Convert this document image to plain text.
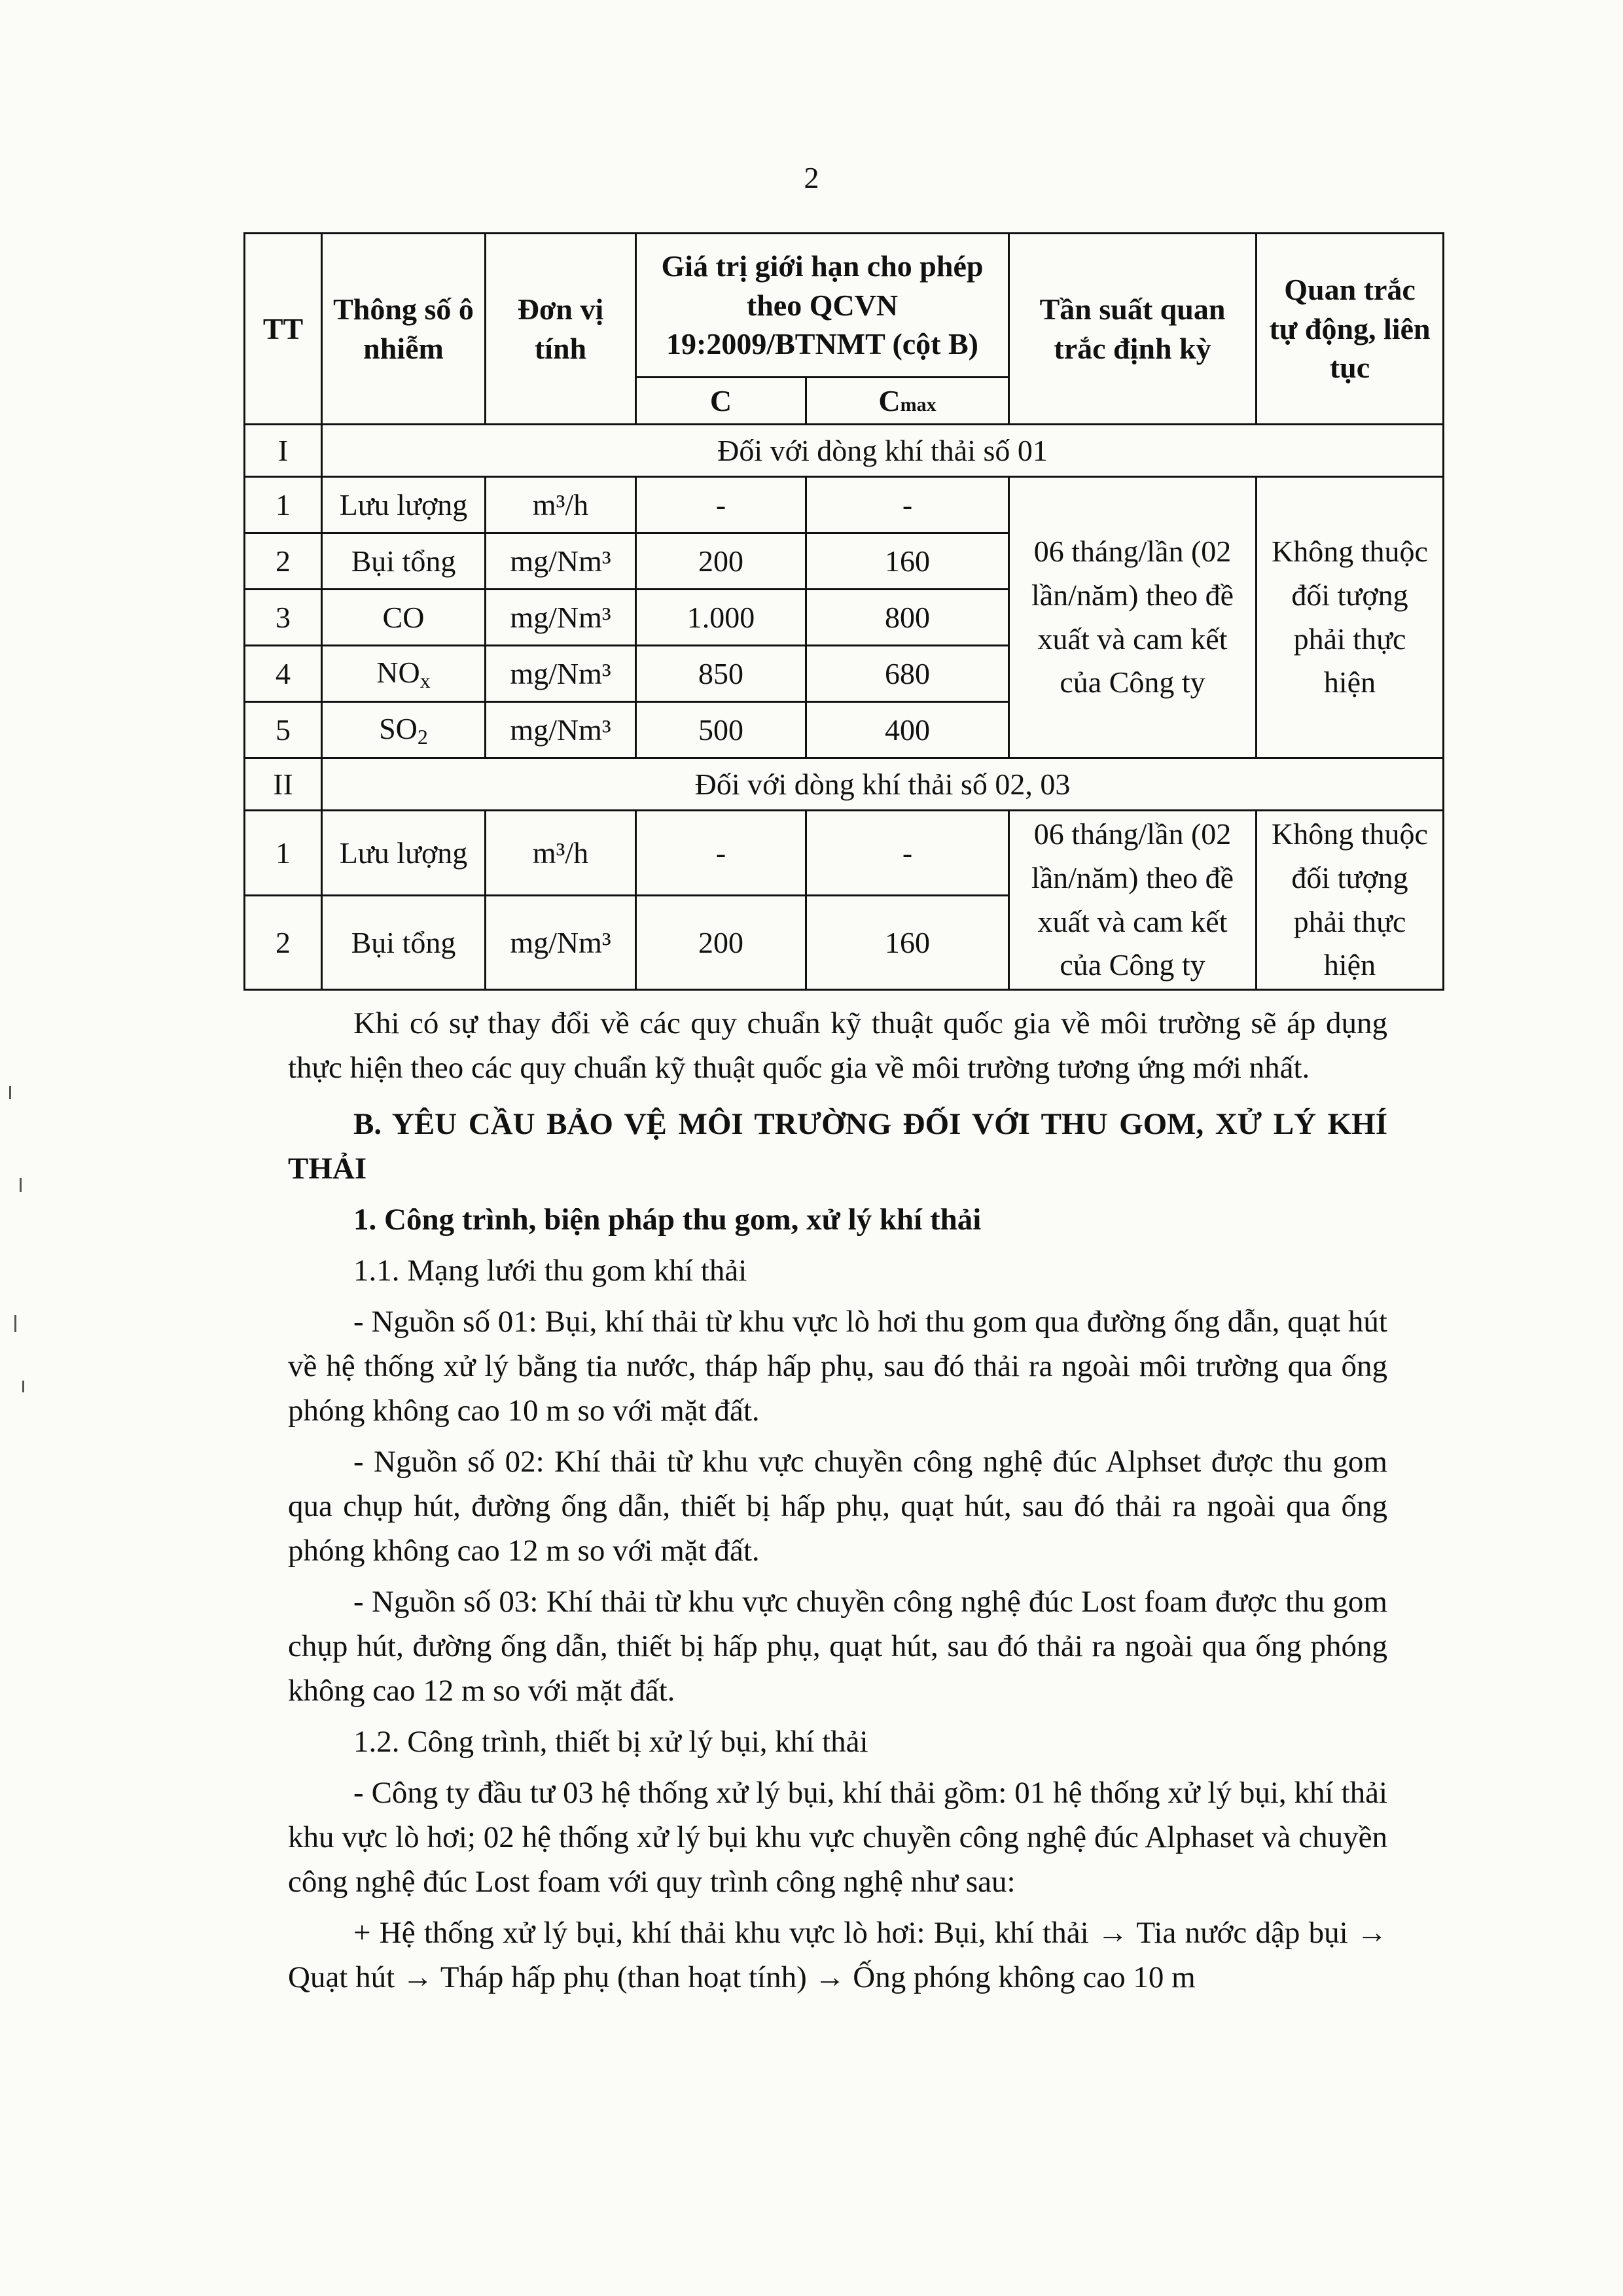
2
TT	Thông số ô nhiễm	Đơn vị tính	Giá trị giới hạn cho phép theo QCVN 19:2009/BTNMT (cột B)		Tần suất quan trắc định kỳ	Quan trắc tự động, liên tục
			C	Cmax		
I	Đối với dòng khí thải số 01					
1	Lưu lượng	m³/h	-	-	06 tháng/lần (02 lần/năm) theo đề xuất và cam kết của Công ty	Không thuộc đối tượng phải thực hiện
2	Bụi tổng	mg/Nm³	200	160		
3	CO	mg/Nm³	1.000	800		
4	$NO_x$	mg/Nm³	850	680		
5	$SO_2$	mg/Nm³	500	400		
II	Đối với dòng khí thải số 02, 03					
1	Lưu lượng	m³/h	-	-	06 tháng/lần (02 lần/năm) theo đề xuất và cam kết của Công ty	Không thuộc đối tượng phải thực hiện
2	Bụi tổng	mg/Nm³	200	160		

Khi có sự thay đổi về các quy chuẩn kỹ thuật quốc gia về môi trường sẽ áp dụng thực hiện theo các quy chuẩn kỹ thuật quốc gia về môi trường tương ứng mới nhất.

B. YÊU CẦU BẢO VỆ MÔI TRƯỜNG ĐỐI VỚI THU GOM, XỬ LÝ KHÍ THẢI

1. Công trình, biện pháp thu gom, xử lý khí thải

1.1. Mạng lưới thu gom khí thải

- Nguồn số 01: Bụi, khí thải từ khu vực lò hơi thu gom qua đường ống dẫn, quạt hút về hệ thống xử lý bằng tia nước, tháp hấp phụ, sau đó thải ra ngoài môi trường qua ống phóng không cao 10 m so với mặt đất.

- Nguồn số 02: Khí thải từ khu vực chuyền công nghệ đúc Alphset được thu gom qua chụp hút, đường ống dẫn, thiết bị hấp phụ, quạt hút, sau đó thải ra ngoài qua ống phóng không cao 12 m so với mặt đất.

- Nguồn số 03: Khí thải từ khu vực chuyền công nghệ đúc Lost foam được thu gom chụp hút, đường ống dẫn, thiết bị hấp phụ, quạt hút, sau đó thải ra ngoài qua ống phóng không cao 12 m so với mặt đất.

1.2. Công trình, thiết bị xử lý bụi, khí thải

- Công ty đầu tư 03 hệ thống xử lý bụi, khí thải gồm: 01 hệ thống xử lý bụi, khí thải khu vực lò hơi; 02 hệ thống xử lý bụi khu vực chuyền công nghệ đúc Alphaset và chuyền công nghệ đúc Lost foam với quy trình công nghệ như sau:

+ Hệ thống xử lý bụi, khí thải khu vực lò hơi: Bụi, khí thải → Tia nước dập bụi → Quạt hút → Tháp hấp phụ (than hoạt tính) → Ống phóng không cao 10 m
